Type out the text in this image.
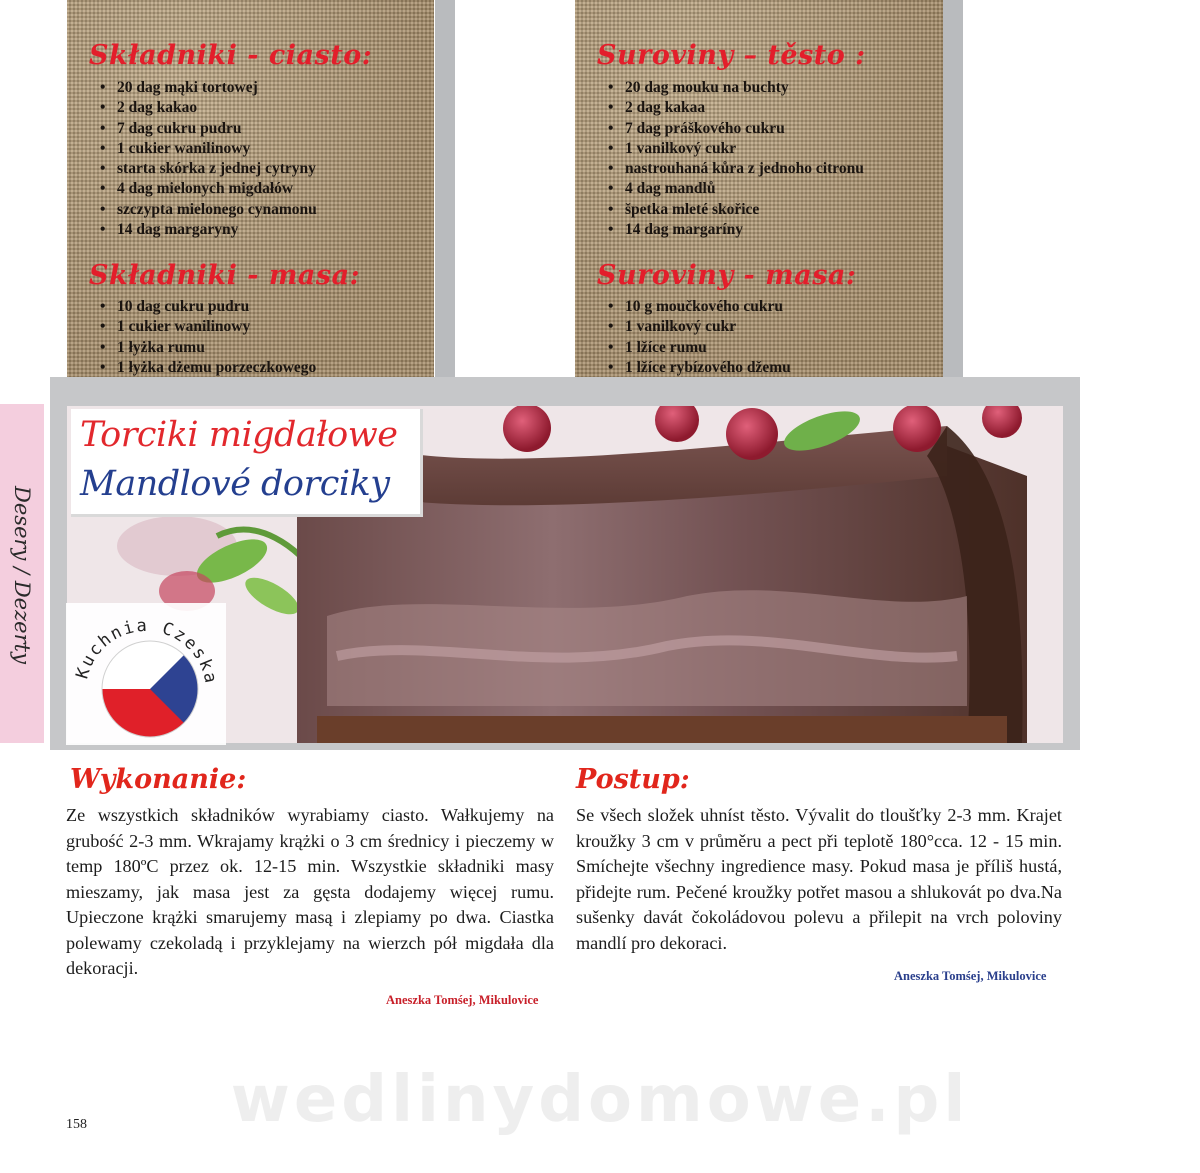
Składniki - ciasto:
• 20 dag mąki tortowej
• 2 dag kakao
• 7 dag cukru pudru
• 1 cukier wanilinowy
• starta skórka z jednej cytryny
• 4 dag mielonych migdałów
• szczypta mielonego cynamonu
• 14 dag margaryny
Składniki - masa:
• 10 dag cukru pudru
• 1 cukier wanilinowy
• 1 łyżka rumu
• 1 łyżka dżemu porzeczkowego
•
Suroviny – těsto :
• 20 dag mouku na buchty
• 2 dag kakaa
• 7 dag práškového cukru
• 1 vanilkový cukr
• nastrouhaná kůra z jednoho citronu
• 4 dag mandlů
• špetka mleté skořice
• 14 dag margaríny
Suroviny - masa:
• 10 g moučkového cukru
• 1 vanilkový cukr
• 1 lžíce rumu
• 1 lžíce rybízového džemu
•
Torciki migdałowe
Mandlové dorciky
Desery / Dezerty
Kuchnia Czeska
Wykonanie:
Ze wszystkich składników wyrabiamy ciasto. Wałkujemy na grubość 2-3 mm. Wkrajamy krążki o 3 cm średnicy i pieczemy w temp 180ºC przez ok. 12-15 min. Wszystkie składniki masy mieszamy, jak masa jest za gęsta dodajemy więcej rumu. Upieczone krążki smarujemy masą i zlepiamy po dwa. Ciastka polewamy czekoladą i przyklejamy na wierzch pół migdała dla dekoracji.
Aneszka Tomśej, Mikulovice
Postup:
Se všech složek uhníst těsto. Vývalit do tloušťky 2-3 mm. Krajet kroužky 3 cm v průměru a pect při teplotě 180°cca. 12 - 15 min. Smíchejte všechny ingredience masy. Pokud masa je příliš hustá, přidejte rum. Pečené kroužky potřet masou a shlukovát po dva.Na sušenky davát čokoládovou polevu a přilepit na vrch poloviny mandlí pro dekoraci.
Aneszka Tomśej, Mikulovice
wedlinydomowe.pl
158
